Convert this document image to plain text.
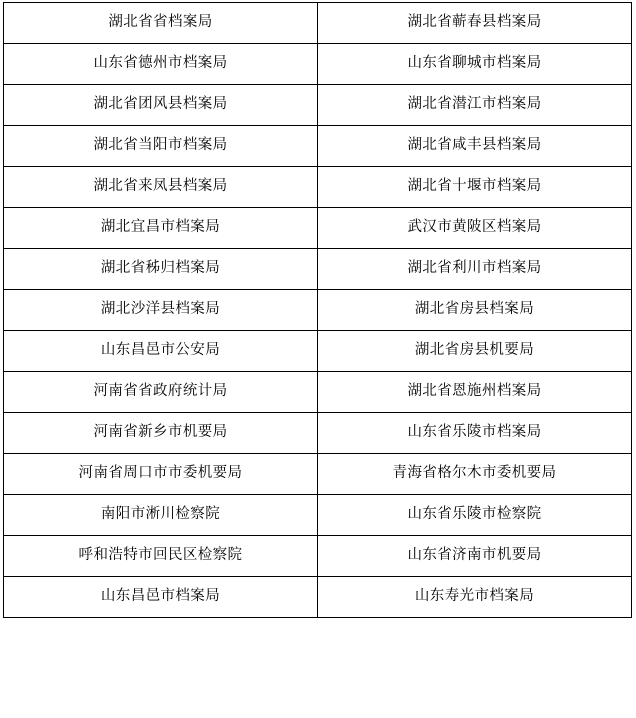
湖北省省档案局	湖北省蕲春县档案局
山东省德州市档案局	山东省聊城市档案局
湖北省团风县档案局	湖北省潜江市档案局
湖北省当阳市档案局	湖北省咸丰县档案局
湖北省来凤县档案局	湖北省十堰市档案局
湖北宜昌市档案局	武汉市黄陂区档案局
湖北省秭归档案局	湖北省利川市档案局
湖北沙洋县档案局	湖北省房县档案局
山东昌邑市公安局	湖北省房县机要局
河南省省政府统计局	湖北省恩施州档案局
河南省新乡市机要局	山东省乐陵市档案局
河南省周口市市委机要局	青海省格尔木市委机要局
南阳市淅川检察院	山东省乐陵市检察院
呼和浩特市回民区检察院	山东省济南市机要局
山东昌邑市档案局	山东寿光市档案局
